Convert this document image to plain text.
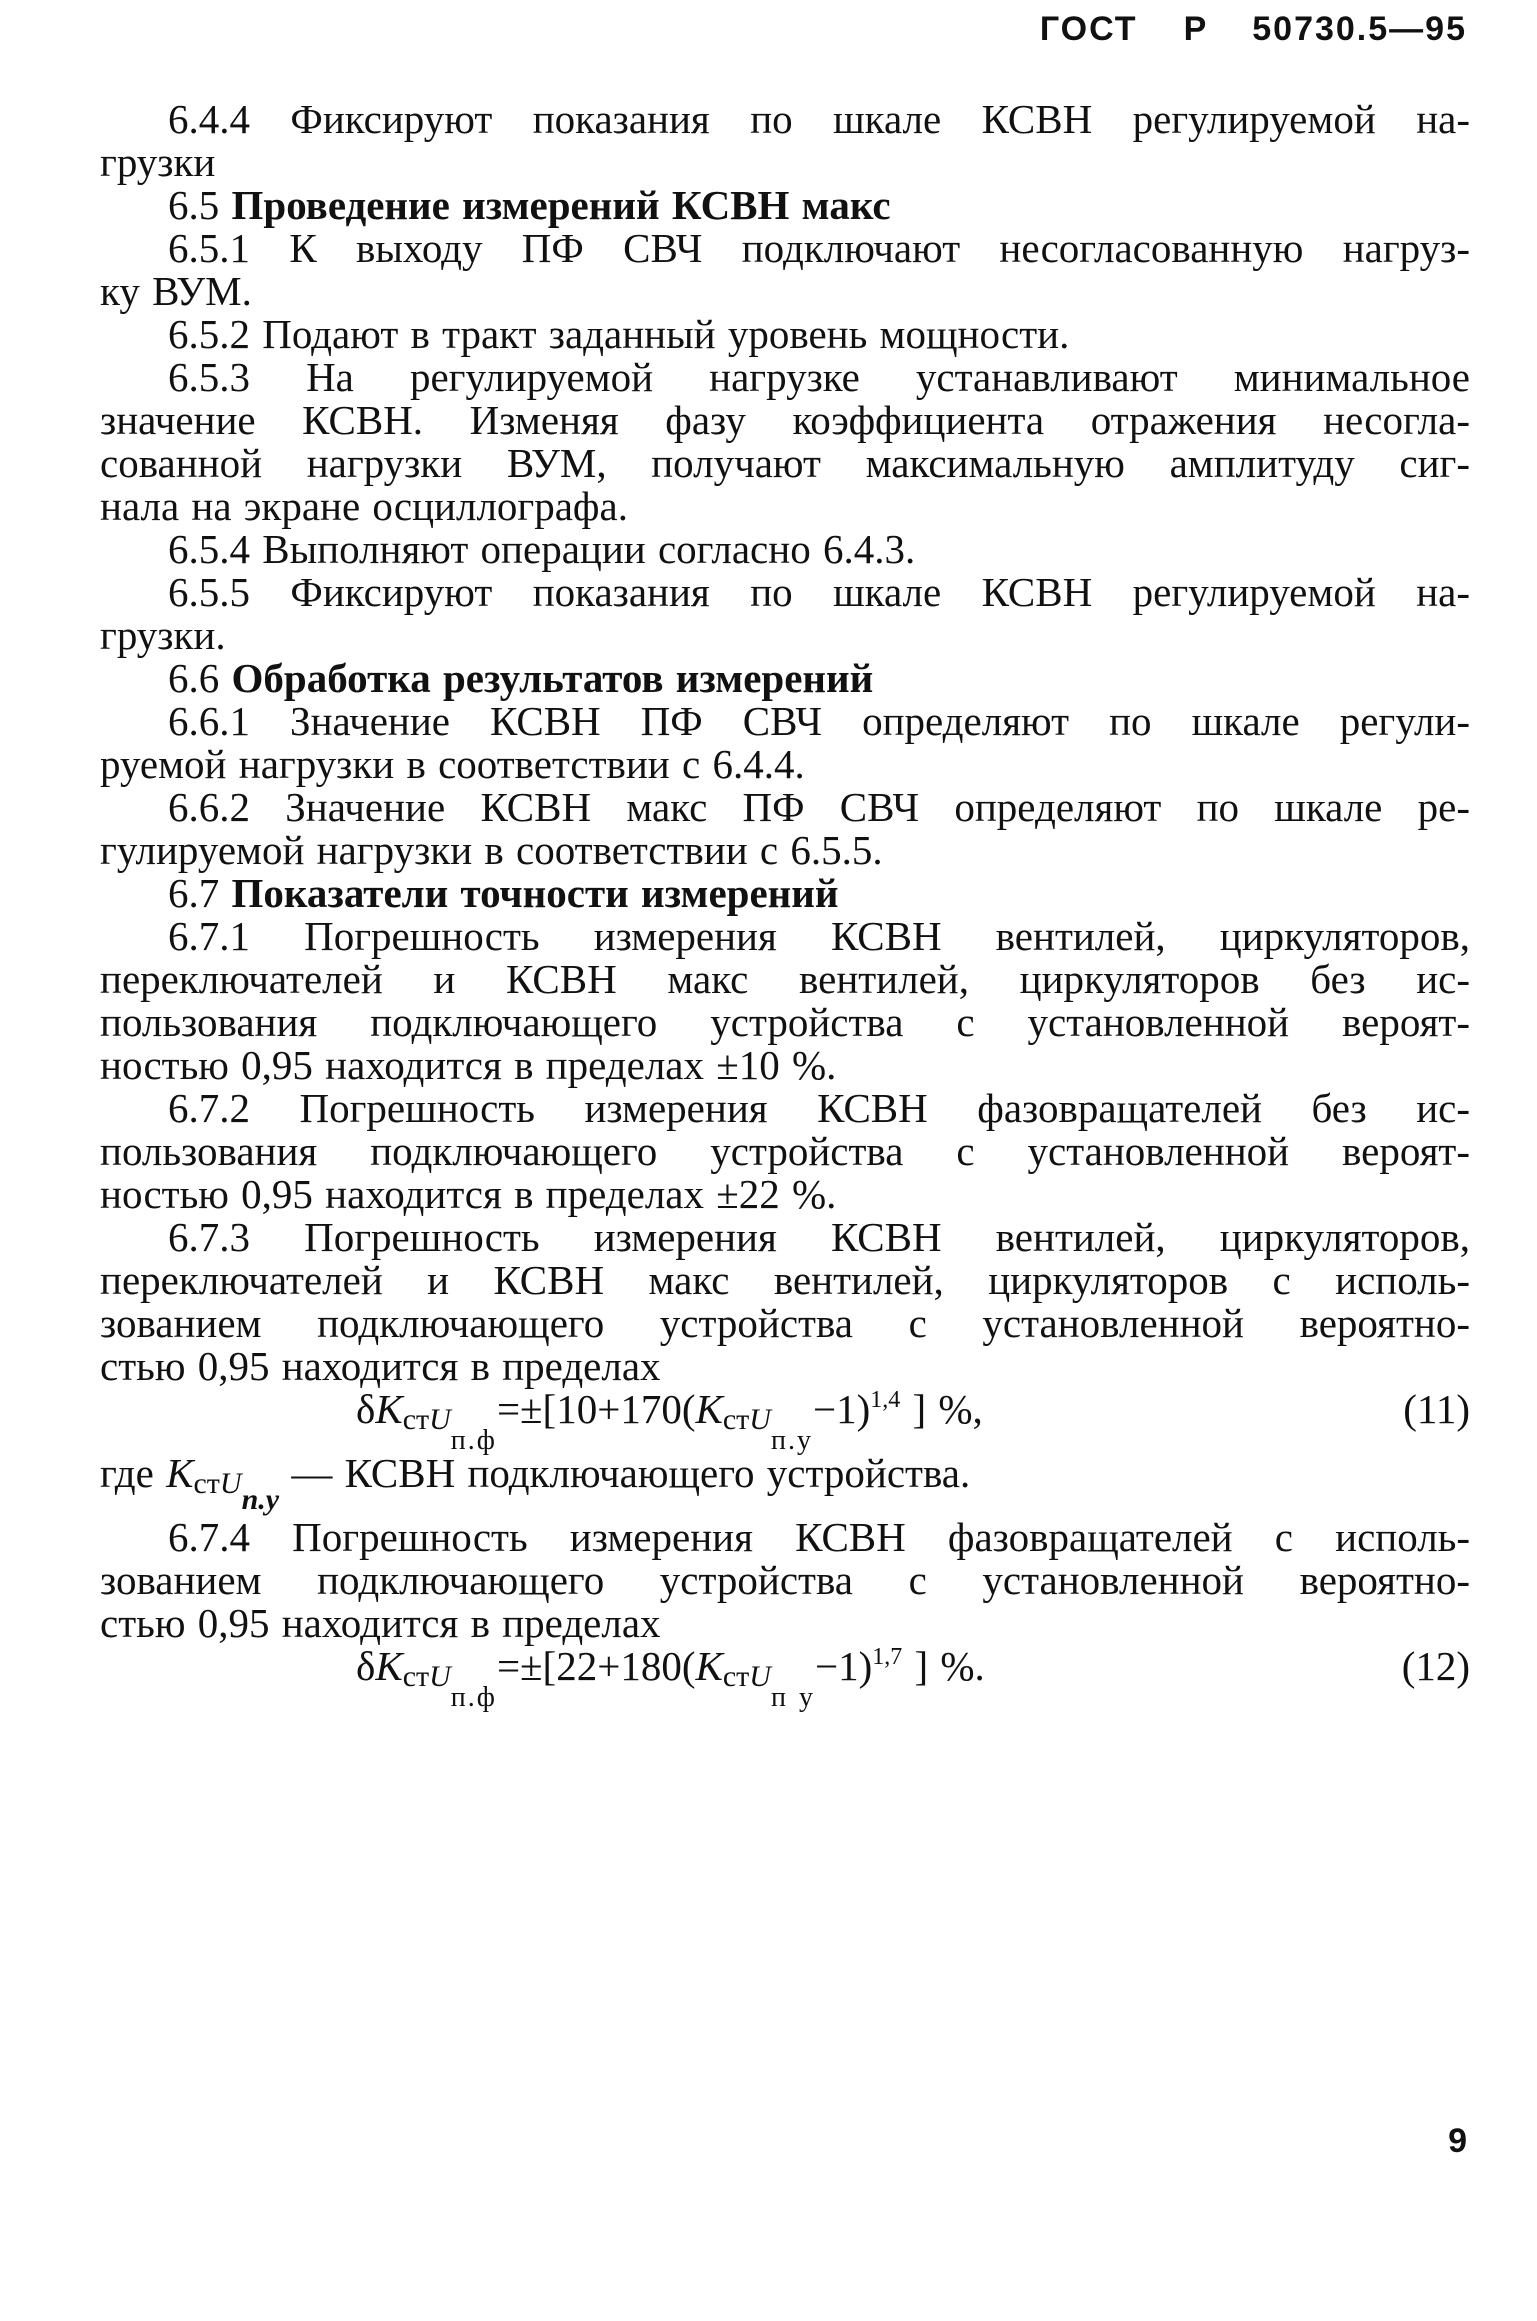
ГОСТ Р 50730.5—95
6.4.4 Фиксируют показания по шкале КСВН регулируемой на-
грузки
6.5 Проведение измерений КСВН макс
6.5.1 К выходу ПФ СВЧ подключают несогласованную нагруз-
ку ВУМ.
6.5.2 Подают в тракт заданный уровень мощности.
6.5.3 На регулируемой нагрузке устанавливают минимальное
значение КСВН. Изменяя фазу коэффициента отражения несогла-
сованной нагрузки ВУМ, получают максимальную амплитуду сиг-
нала на экране осциллографа.
6.5.4 Выполняют операции согласно 6.4.3.
6.5.5 Фиксируют показания по шкале КСВН регулируемой на-
грузки.
6.6 Обработка результатов измерений
6.6.1 Значение КСВН ПФ СВЧ определяют по шкале регули-
руемой нагрузки в соответствии с 6.4.4.
6.6.2 Значение КСВН макс ПФ СВЧ определяют по шкале ре-
гулируемой нагрузки в соответствии с 6.5.5.
6.7 Показатели точности измерений
6.7.1 Погрешность измерения КСВН вентилей, циркуляторов,
переключателей и КСВН макс вентилей, циркуляторов без ис-
пользования подключающего устройства с установленной вероят-
ностью 0,95 находится в пределах ±10 %.
6.7.2 Погрешность измерения КСВН фазовращателей без ис-
пользования подключающего устройства с установленной вероят-
ностью 0,95 находится в пределах ±22 %.
6.7.3 Погрешность измерения КСВН вентилей, циркуляторов,
переключателей и КСВН макс вентилей, циркуляторов с исполь-
зованием подключающего устройства с установленной вероятно-
стью 0,95 находится в пределах
δKстU$_{п.ф}$=±[10+170(KстU$_{п.у}$−1)$^{1,4}$ ] %,	(11)
где KстU$_{п.у}$ — КСВН подключающего устройства.
6.7.4 Погрешность измерения КСВН фазовращателей с исполь-
зованием подключающего устройства с установленной вероятно-
стью 0,95 находится в пределах
δKстU$_{п.ф}$=±[22+180(KстU$_{п у}$−1)$^{1,7}$ ] %.	(12)
9
